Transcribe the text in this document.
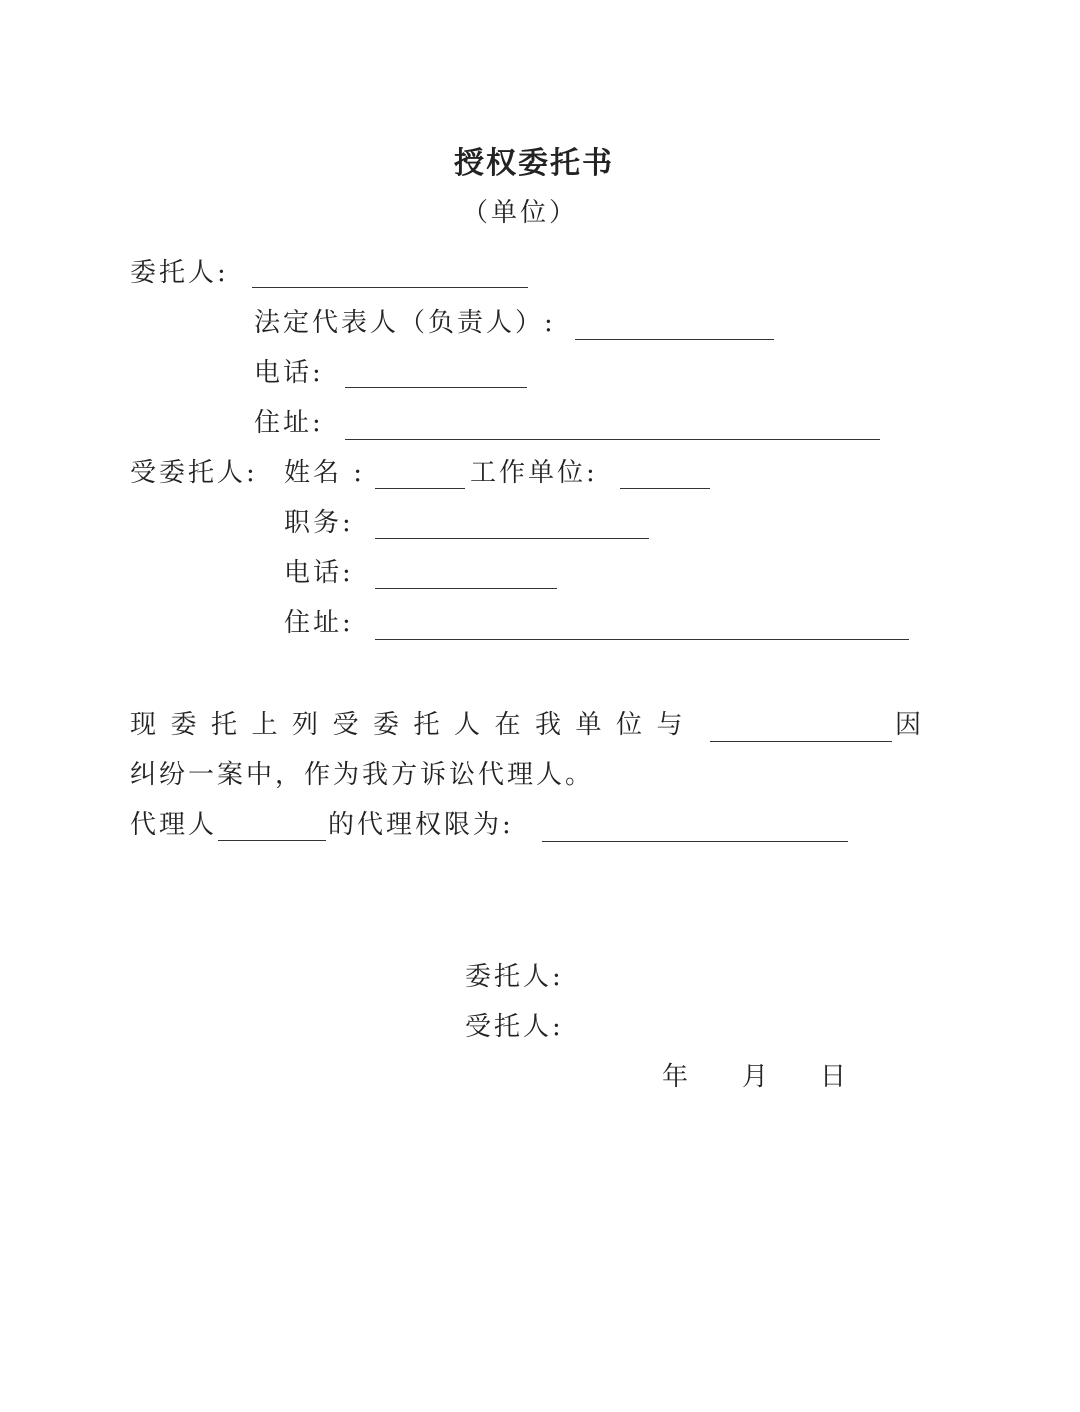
授权委托书
（单位）
委托人:
法定代表人（负责人）:
电话:
住址:
受委托人: 姓名 :	工作单位:
职务:
电话:
住址:
现委托上列受委托人在我单位与	因
纠纷一案中，作为我方诉讼代理人。
代理人	的代理权限为:
委托人:
受托人:
年 月 日
